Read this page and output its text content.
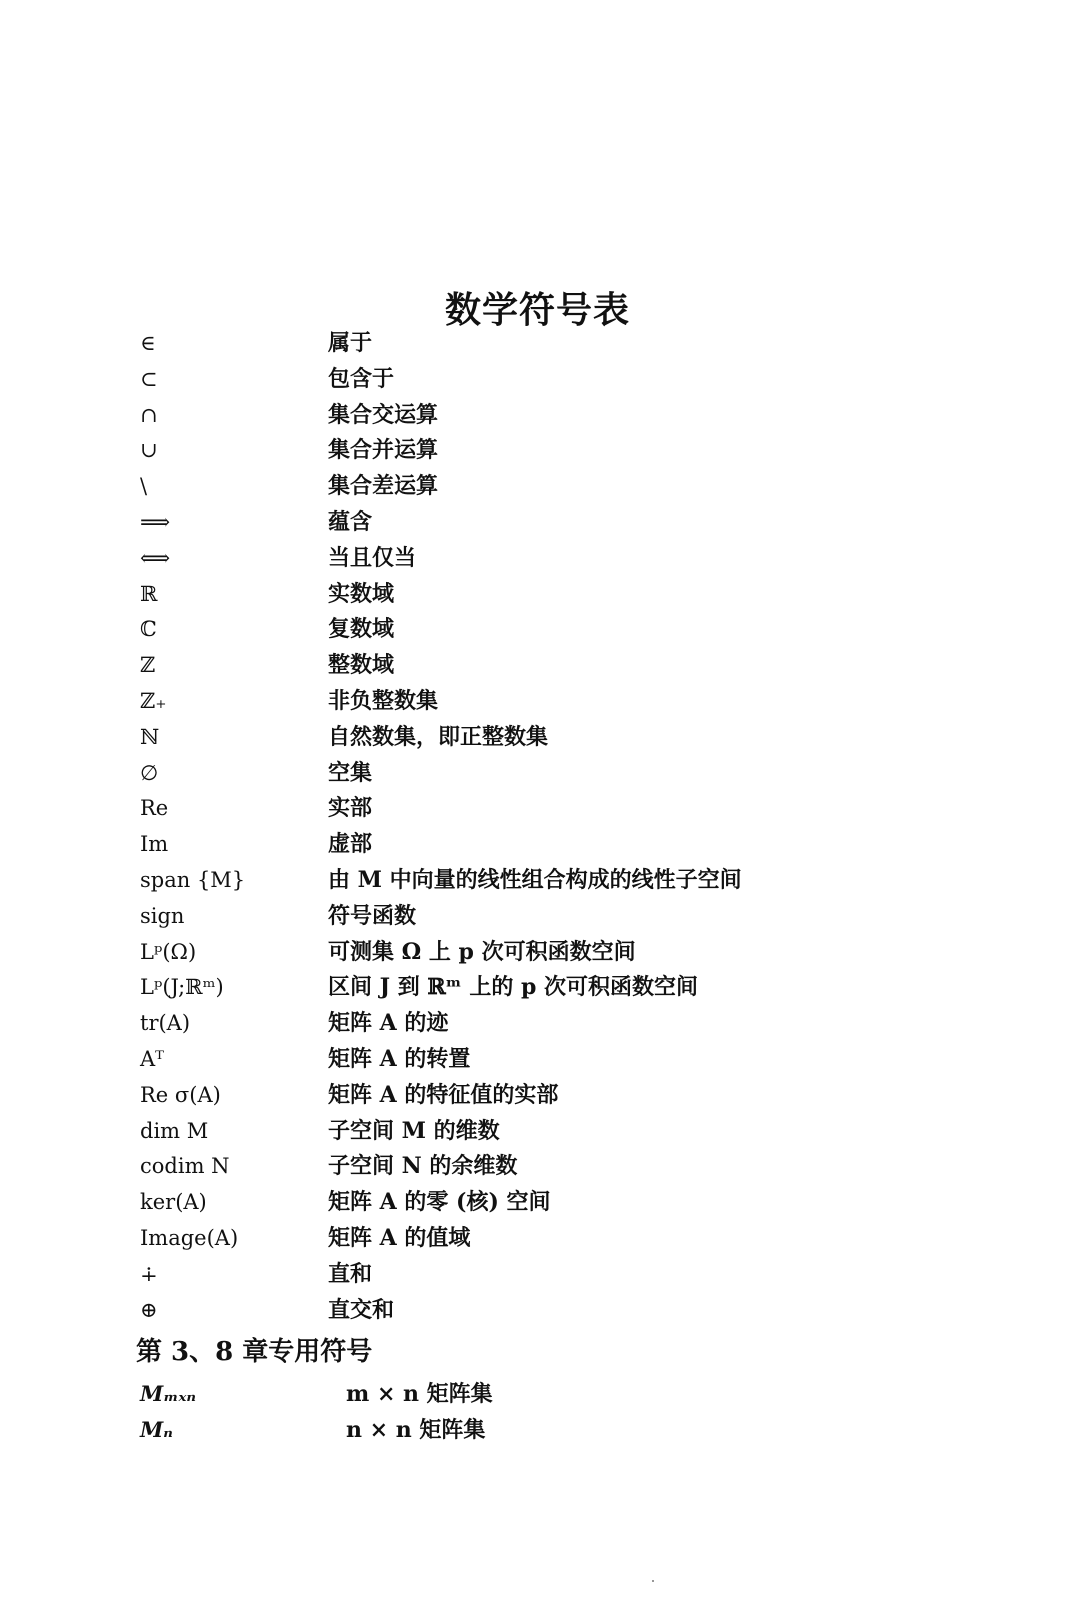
数学符号表
∈	属于
⊂	包含于
∩	集合交运算
∪	集合并运算
\	集合差运算
⟹	蕴含
⟺	当且仅当
ℝ	实数域
ℂ	复数域
ℤ	整数域
ℤ₊	非负整数集
ℕ	自然数集，即正整数集
∅	空集
Re	实部
Im	虚部
span {M}	由 M 中向量的线性组合构成的线性子空间
sign	符号函数
Lᵖ(Ω)	可测集 Ω 上 p 次可积函数空间
Lᵖ(J;ℝᵐ)	区间 J 到 ℝᵐ 上的 p 次可积函数空间
tr(A)	矩阵 A 的迹
Aᵀ	矩阵 A 的转置
Re σ(A)	矩阵 A 的特征值的实部
dim M	子空间 M 的维数
codim N	子空间 N 的余维数
ker(A)	矩阵 A 的零 (核) 空间
Image(A)	矩阵 A 的值域
∔	直和
⊕	直交和
第 3、8 章专用符号
Mₘₓₙ	m × n 矩阵集
Mₙ	n × n 矩阵集
